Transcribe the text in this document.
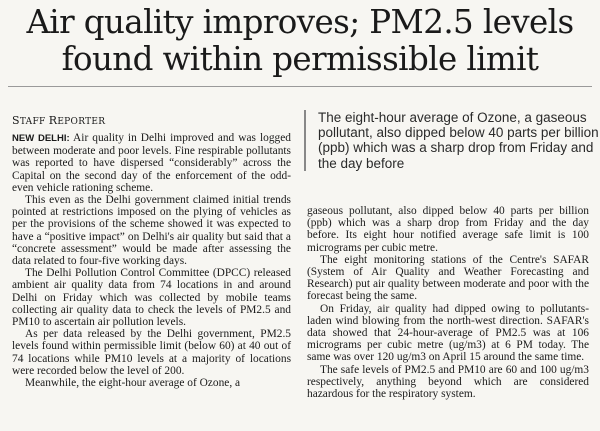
Air quality improves; PM2.5 levels
found within permissible limit
STAFF REPORTER	The eight-hour average of Ozone, a gaseous pollutant, also dipped below 40 parts per billion (ppb) which was a sharp drop from Friday and the day before

NEW DELHI: Air quality in Delhi improved and was logged between moderate and poor levels. Fine respirable pollutants was reported to have dispersed “considerably” across the Capital on the second day of the enforcement of the odd-even vehicle rationing scheme.

This even as the Delhi government claimed initial trends pointed at restrictions imposed on the plying of vehicles as per the provisions of the scheme showed it was expected to have a “positive impact” on Delhi's air quality but said that a “concrete assessment” would be made after assessing the data related to four-five working days.

The Delhi Pollution Control Committee (DPCC) released ambient air quality data from 74 locations in and around Delhi on Friday which was collected by mobile teams collecting air quality data to check the levels of PM2.5 and PM10 to ascertain air pollution levels.

As per data released by the Delhi government, PM2.5 levels found within permissible limit (below 60) at 40 out of 74 locations while PM10 levels at a majority of locations were recorded below the level of 200.

Meanwhile, the eight-hour average of Ozone, a

gaseous pollutant, also dipped below 40 parts per billion (ppb) which was a sharp drop from Friday and the day before. Its eight hour notified average safe limit is 100 micrograms per cubic metre.

The eight monitoring stations of the Centre's SAFAR (System of Air Quality and Weather Forecasting and Research) put air quality between moderate and poor with the forecast being the same.

On Friday, air quality had dipped owing to pollutants-laden wind blowing from the north-west direction. SAFAR's data showed that 24-hour-average of PM2.5 was at 106 micrograms per cubic metre (ug/m3) at 6 PM today. The same was over 120 ug/m3 on April 15 around the same time.

The safe levels of PM2.5 and PM10 are 60 and 100 ug/m3 respectively, anything beyond which are considered hazardous for the respiratory system.
